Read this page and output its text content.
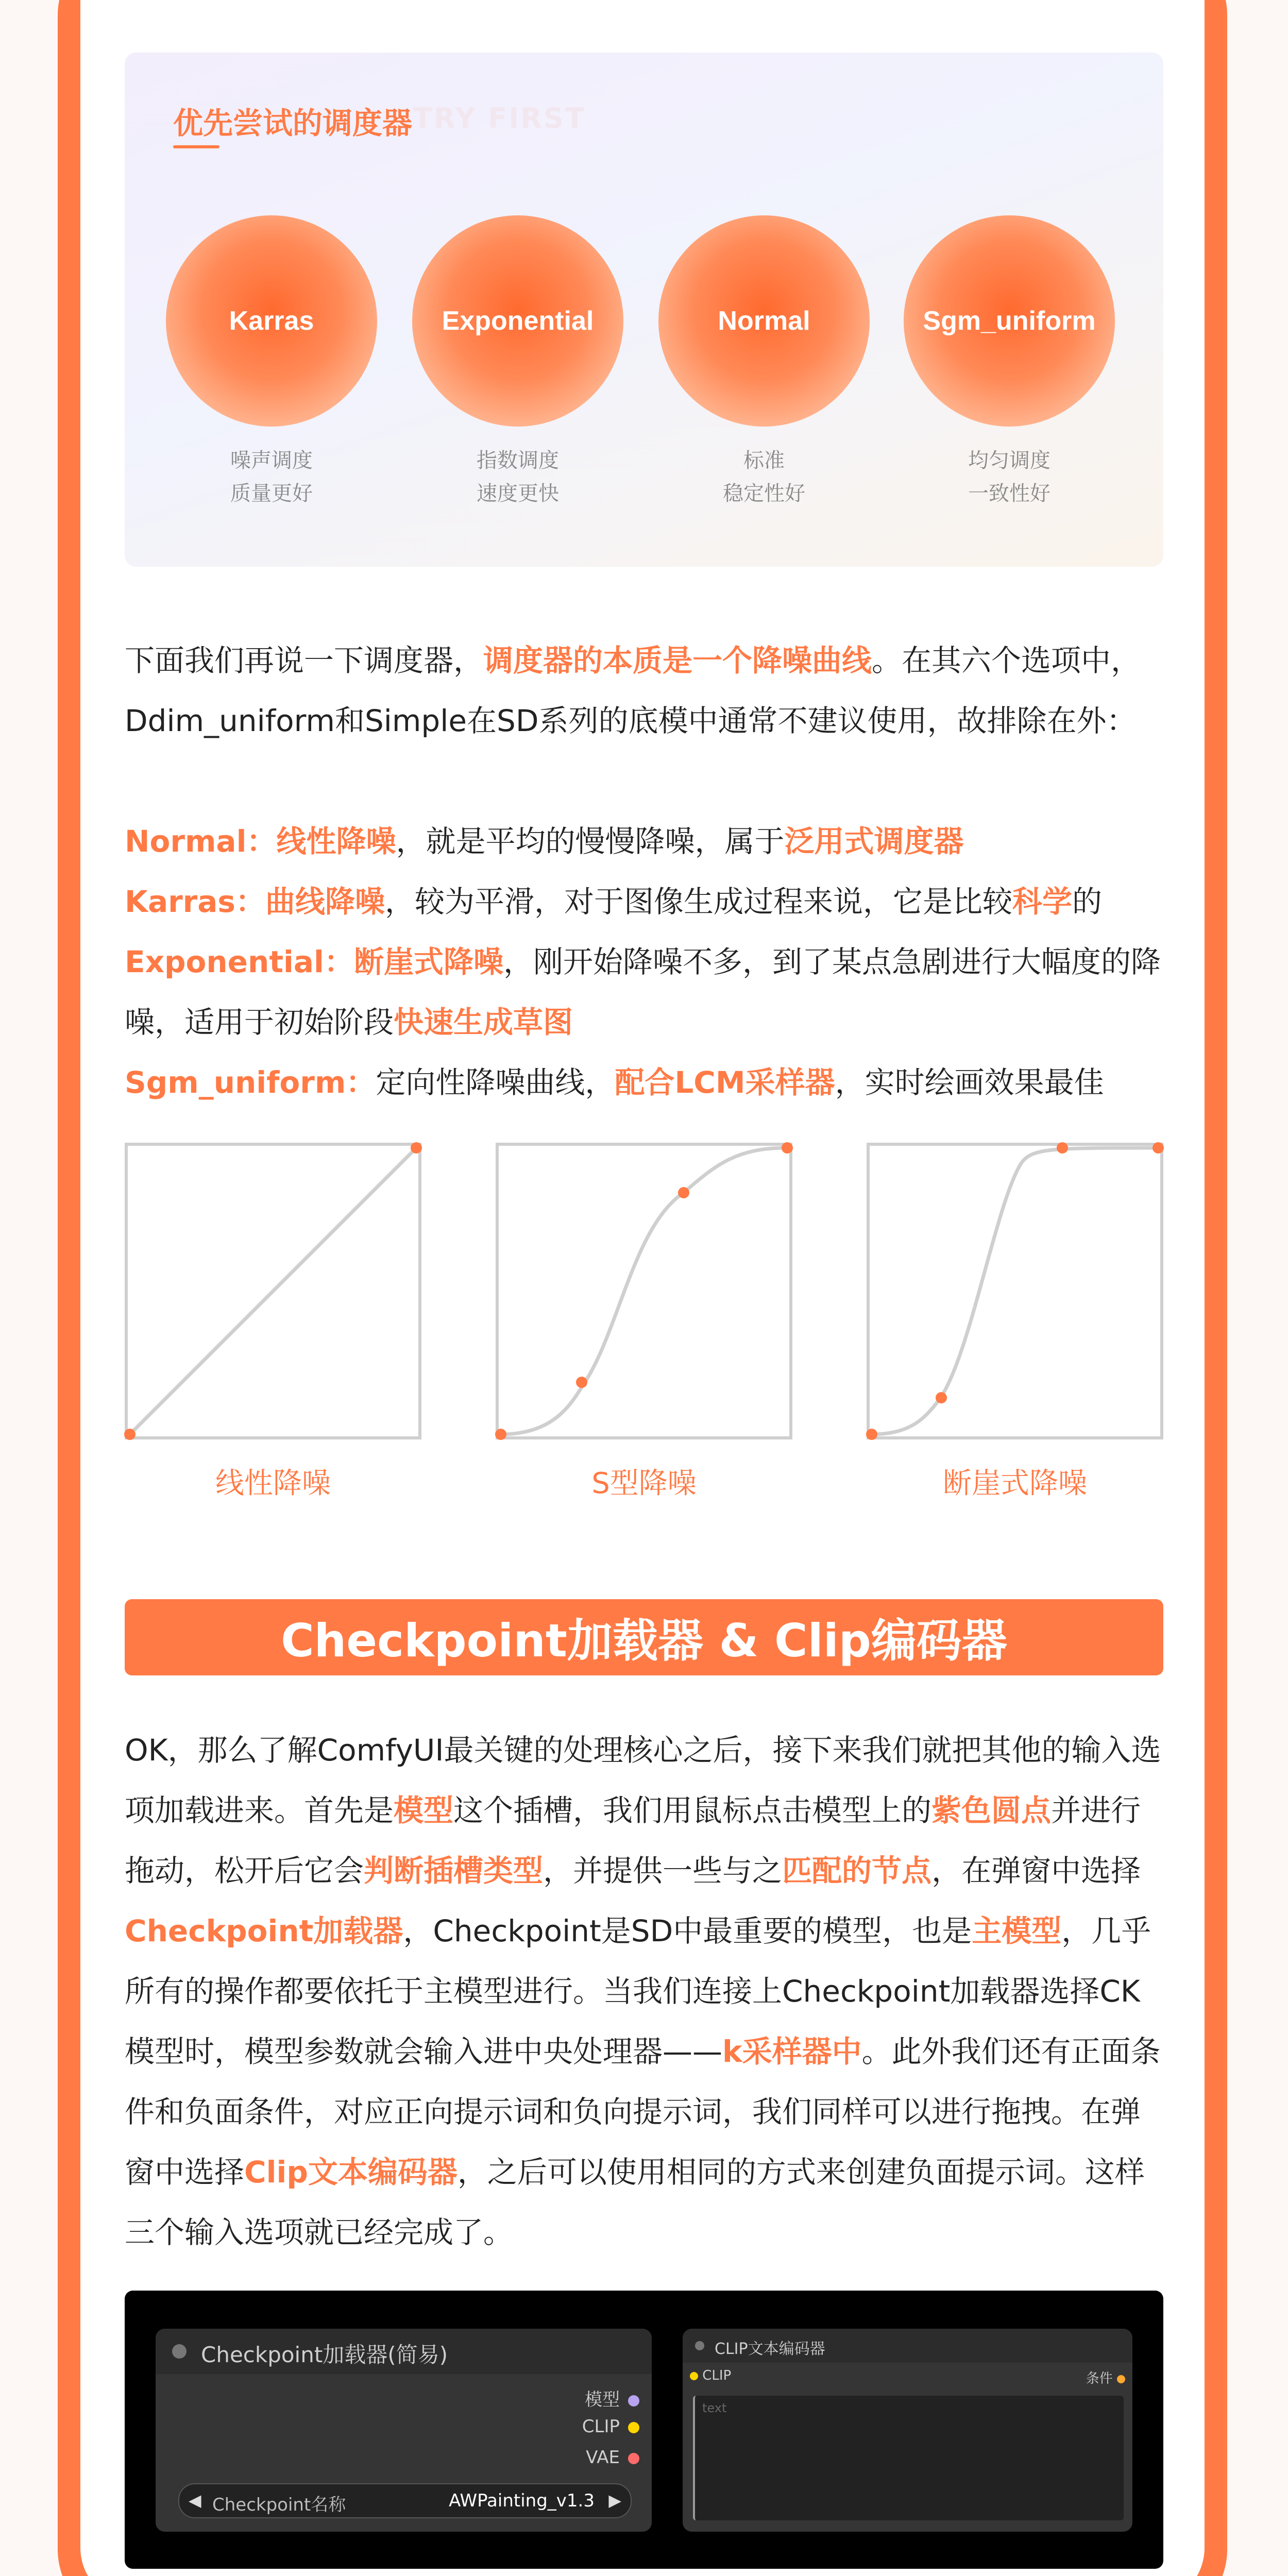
TRY FIRST
优先尝试的调度器
Karras	Exponential	Normal	Sgm_uniform
噪声调度
质量更好
指数调度
速度更快
标准
稳定性好
均匀调度
一致性好
下面我们再说一下调度器，调度器的本质是一个降噪曲线。在其六个选项中，Ddim_uniform和Simple在SD系列的底模中通常不建议使用，故排除在外：
Normal：线性降噪，就是平均的慢慢降噪，属于泛用式调度器
Karras：曲线降噪，较为平滑，对于图像生成过程来说，它是比较科学的
Exponential：断崖式降噪，刚开始降噪不多，到了某点急剧进行大幅度的降噪，适用于初始阶段快速生成草图
Sgm_uniform：定向性降噪曲线，配合LCM采样器，实时绘画效果最佳
线性降噪	S型降噪	断崖式降噪
Checkpoint加载器 & Clip编码器
OK，那么了解ComfyUI最关键的处理核心之后，接下来我们就把其他的输入选项加载进来。首先是模型这个插槽，我们用鼠标点击模型上的紫色圆点并进行拖动，松开后它会判断插槽类型，并提供一些与之匹配的节点，在弹窗中选择Checkpoint加载器，Checkpoint是SD中最重要的模型，也是主模型，几乎所有的操作都要依托于主模型进行。当我们连接上Checkpoint加载器选择CK模型时，模型参数就会输入进中央处理器——k采样器中。此外我们还有正面条件和负面条件，对应正向提示词和负向提示词，我们同样可以进行拖拽。在弹窗中选择Clip文本编码器，之后可以使用相同的方式来创建负面提示词。这样三个输入选项就已经完成了。
Checkpoint加载器(简易)
模型
CLIP
VAE
◀ Checkpoint名称	AWPainting_v1.3 ▶
CLIP文本编码器
CLIP	条件
text
